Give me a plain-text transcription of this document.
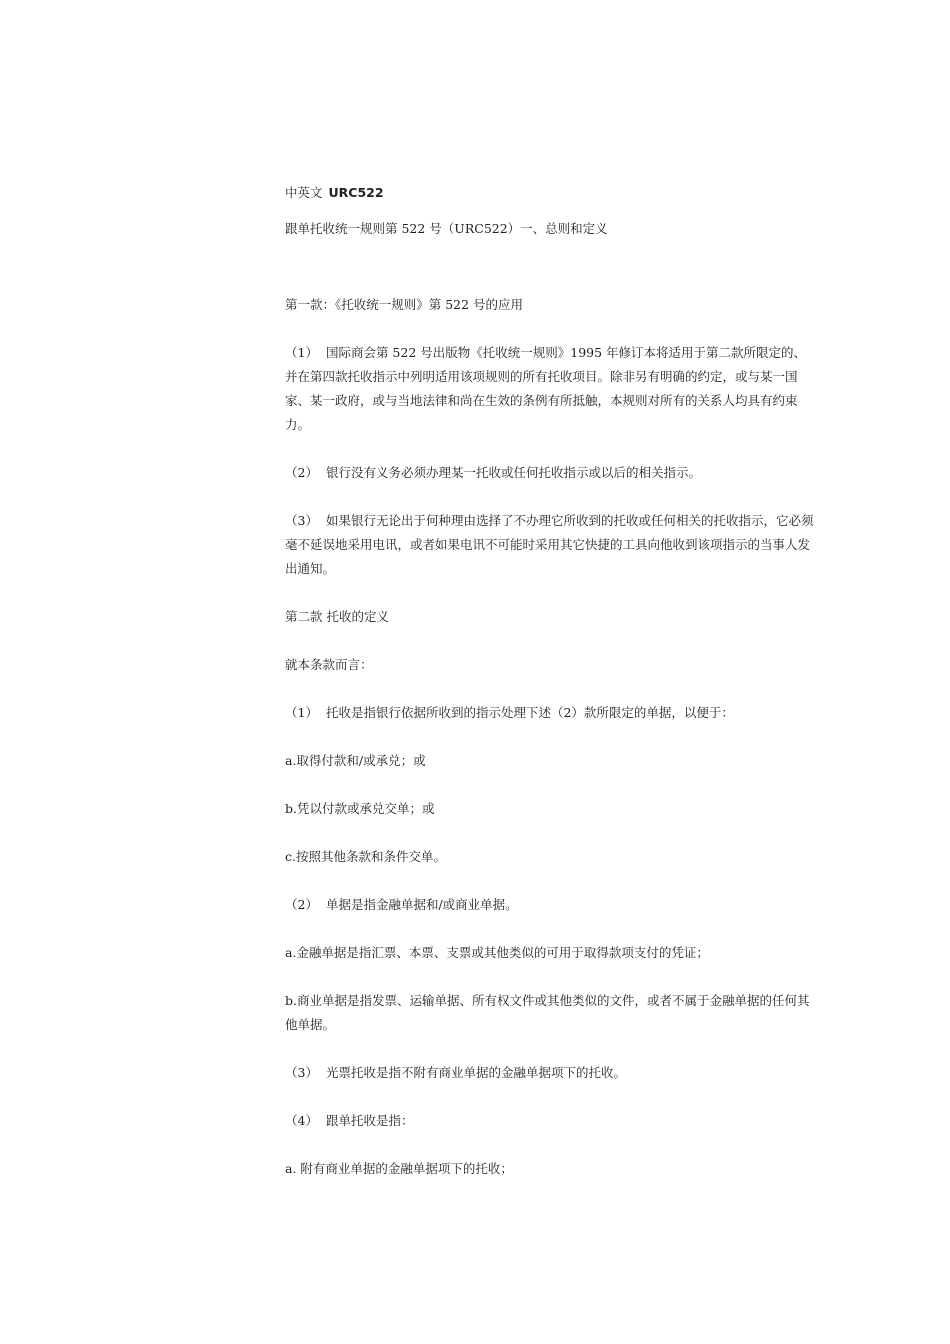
中英文 URC522
跟单托收统一规则第 522 号（URC522）一、总则和定义

第一款：《托收统一规则》第 522 号的应用

（1） 国际商会第 522 号出版物《托收统一规则》1995 年修订本将适用于第二款所限定的、并在第四款托收指示中列明适用该项规则的所有托收项目。除非另有明确的约定，或与某一国家、某一政府，或与当地法律和尚在生效的条例有所抵触，本规则对所有的关系人均具有约束力。

（2） 银行没有义务必须办理某一托收或任何托收指示或以后的相关指示。

（3） 如果银行无论出于何种理由选择了不办理它所收到的托收或任何相关的托收指示，它必须毫不延误地采用电讯，或者如果电讯不可能时采用其它快捷的工具向他收到该项指示的当事人发出通知。

第二款 托收的定义

就本条款而言：

（1） 托收是指银行依据所收到的指示处理下述（2）款所限定的单据，以便于：

a.取得付款和/或承兑；或

b.凭以付款或承兑交单；或

c.按照其他条款和条件交单。

（2） 单据是指金融单据和/或商业单据。

a.金融单据是指汇票、本票、支票或其他类似的可用于取得款项支付的凭证；

b.商业单据是指发票、运输单据、所有权文件或其他类似的文件，或者不属于金融单据的任何其他单据。

（3） 光票托收是指不附有商业单据的金融单据项下的托收。

（4） 跟单托收是指：

a. 附有商业单据的金融单据项下的托收；
